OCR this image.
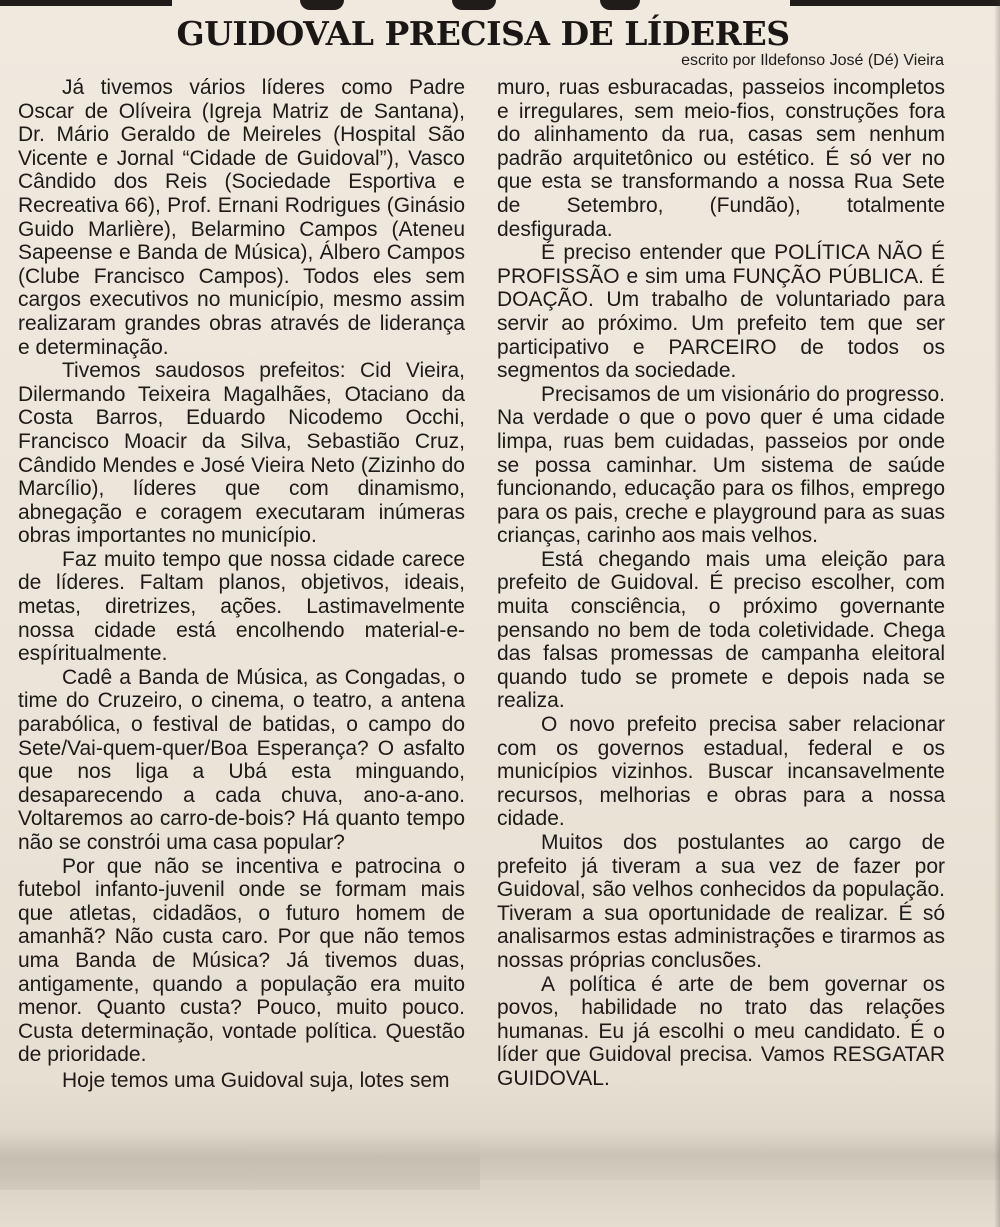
GUIDOVAL PRECISA DE LÍDERES

escrito por Ildefonso José (Dé) Vieira

Já tivemos vários líderes como Padre Oscar de Olíveira (Igreja Matriz de Santana), Dr. Mário Geraldo de Meireles (Hospital São Vicente e Jornal “Cidade de Guidoval”), Vasco Cândido dos Reis (Sociedade Esportiva e Recreativa 66), Prof. Ernani Rodrigues (Ginásio Guido Marlière), Belarmino Campos (Ateneu Sapeense e Banda de Música), Álbero Campos (Clube Francisco Campos). Todos eles sem cargos executivos no município, mesmo assim realizaram grandes obras através de liderança e determinação.

Tivemos saudosos prefeitos: Cid Vieira, Dilermando Teixeira Magalhães, Otaciano da Costa Barros, Eduardo Nicodemo Occhi, Francisco Moacir da Silva, Sebastião Cruz, Cândido Mendes e José Vieira Neto (Zizinho do Marcílio), líderes que com dinamismo, abnegação e coragem executaram inúmeras obras importantes no município.

Faz muito tempo que nossa cidade carece de líderes. Faltam planos, objetivos, ideais, metas, diretrizes, ações. Lastimavelmente nossa cidade está encolhendo material-e-espíritualmente.

Cadê a Banda de Música, as Congadas, o time do Cruzeiro, o cinema, o teatro, a antena parabólica, o festival de batidas, o campo do Sete/Vai-quem-quer/Boa Esperança? O asfalto que nos liga a Ubá esta minguando, desaparecendo a cada chuva, ano-a-ano. Voltaremos ao carro-de-bois? Há quanto tempo não se constrói uma casa popular?

Por que não se incentiva e patrocina o futebol infanto-juvenil onde se formam mais que atletas, cidadãos, o futuro homem de amanhã? Não custa caro. Por que não temos uma Banda de Música? Já tivemos duas, antigamente, quando a população era muito menor. Quanto custa? Pouco, muito pouco. Custa determinação, vontade política. Questão de prioridade.

Hoje temos uma Guidoval suja, lotes sem

muro, ruas esburacadas, passeios incompletos e irregulares, sem meio-fios, construções fora do alinhamento da rua, casas sem nenhum padrão arquitetônico ou estético. É só ver no que esta se transformando a nossa Rua Sete de Setembro, (Fundão), totalmente desfigurada.

É preciso entender que POLÍTICA NÃO É PROFISSÃO e sim uma FUNÇÃO PÚBLICA. É DOAÇÃO. Um trabalho de voluntariado para servir ao próximo. Um prefeito tem que ser participativo e PARCEIRO de todos os segmentos da sociedade.

Precisamos de um visionário do progresso. Na verdade o que o povo quer é uma cidade limpa, ruas bem cuidadas, passeios por onde se possa caminhar. Um sistema de saúde funcionando, educação para os filhos, emprego para os pais, creche e playground para as suas crianças, carinho aos mais velhos.

Está chegando mais uma eleição para prefeito de Guidoval. É preciso escolher, com muita consciência, o próximo governante pensando no bem de toda coletividade. Chega das falsas promessas de campanha eleitoral quando tudo se promete e depois nada se realiza.

O novo prefeito precisa saber relacionar com os governos estadual, federal e os municípios vizinhos. Buscar incansavelmente recursos, melhorias e obras para a nossa cidade.

Muitos dos postulantes ao cargo de prefeito já tiveram a sua vez de fazer por Guidoval, são velhos conhecidos da população. Tiveram a sua oportunidade de realizar. É só analisarmos estas administrações e tirarmos as nossas próprias conclusões.

A política é arte de bem governar os povos, habilidade no trato das relações humanas. Eu já escolhi o meu candidato. É o líder que Guidoval precisa. Vamos RESGATAR GUIDOVAL.
